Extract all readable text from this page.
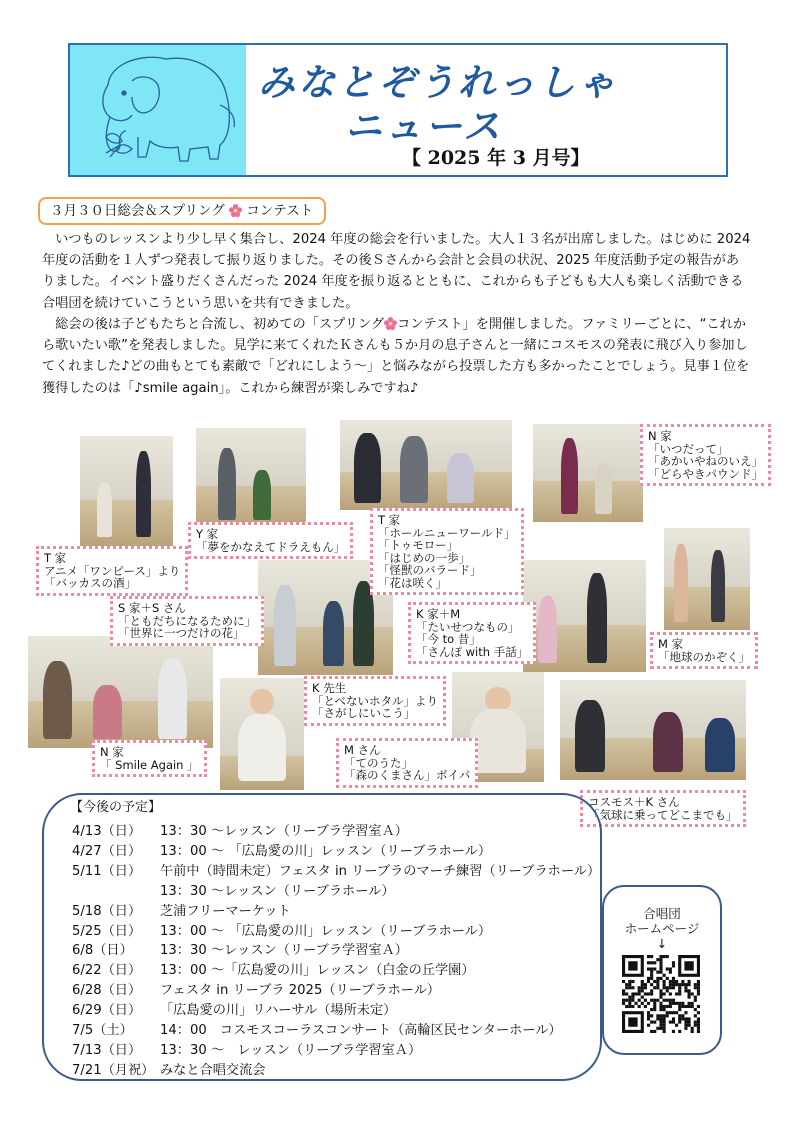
みなとぞうれっしゃ
ニュース
【 2025 年 3 月号】
３月３０日総会＆スプリング コンテスト

　いつものレッスンより少し早く集合し、2024 年度の総会を行いました。大人１３名が出席しました。はじめに 2024 年度の活動を１人ずつ発表して振り返りました。その後Ｓさんから会計と会員の状況、2025 年度活動予定の報告がありました。イベント盛りだくさんだった 2024 年度を振り返るとともに、これからも子どもも大人も楽しく活動できる合唱団を続けていこうという思いを共有できました。

　総会の後は子どもたちと合流し、初めての「スプリング コンテスト」を開催しました。ファミリーごとに、“これから歌いたい歌”を発表しました。見学に来てくれたＫさんも５か月の息子さんと一緒にコスモスの発表に飛び入り参加してくれました♪どの曲もとても素敵で「どれにしよう～」と悩みながら投票した方も多かったことでしょう。見事１位を獲得したのは「♪smile again」。これから練習が楽しみですね♪

T 家
アニメ「ワンピース」より
「バッカスの酒」
Y 家
「夢をかなえてドラえもん」
T 家
「ホールニューワールド」
「トゥモロー」
「はじめの一歩」
「怪獣のバラード」
「花は咲く」
N 家
「いつだって」
「あかいやねのいえ」
「どらやきパウンド」
S 家＋S さん
「ともだちになるために」
「世界に一つだけの花」
K 家＋M
「たいせつなもの」
「今 to 昔」
「さんぽ with 手話」
M 家
「地球のかぞく」
K 先生
「とべないホタル」より
「さがしにいこう」
N 家
「 Smile Again 」
M さん
「てのうた」
「森のくまさん」ボイパ
コスモス＋K さん
「気球に乗ってどこまでも」
【今後の予定】
4/13（日） 13：30 ～レッスン（リーブラ学習室Ａ）
4/27（日） 13：00 ～ 「広島愛の川」レッスン（リーブラホール）
5/11（日） 午前中（時間未定）フェスタ in リーブラのマーチ練習（リーブラホール）
13：30 ～レッスン（リーブラホール）
5/18（日） 芝浦フリーマーケット
5/25（日） 13：00 ～ 「広島愛の川」レッスン（リーブラホール）
6/8（日） 13：30 ～レッスン（リーブラ学習室Ａ）
6/22（日） 13：00 ～「広島愛の川」レッスン（白金の丘学園）
6/28（日） フェスタ in リーブラ 2025（リーブラホール）
6/29（日） 「広島愛の川」リハーサル（場所未定）
7/5（土） 14：00　コスモスコーラスコンサート（高輪区民センターホール）
7/13（日） 13：30 ～　レッスン（リーブラ学習室Ａ）
7/21（月祝） みなと合唱交流会
合唱団
ホームページ
↓
